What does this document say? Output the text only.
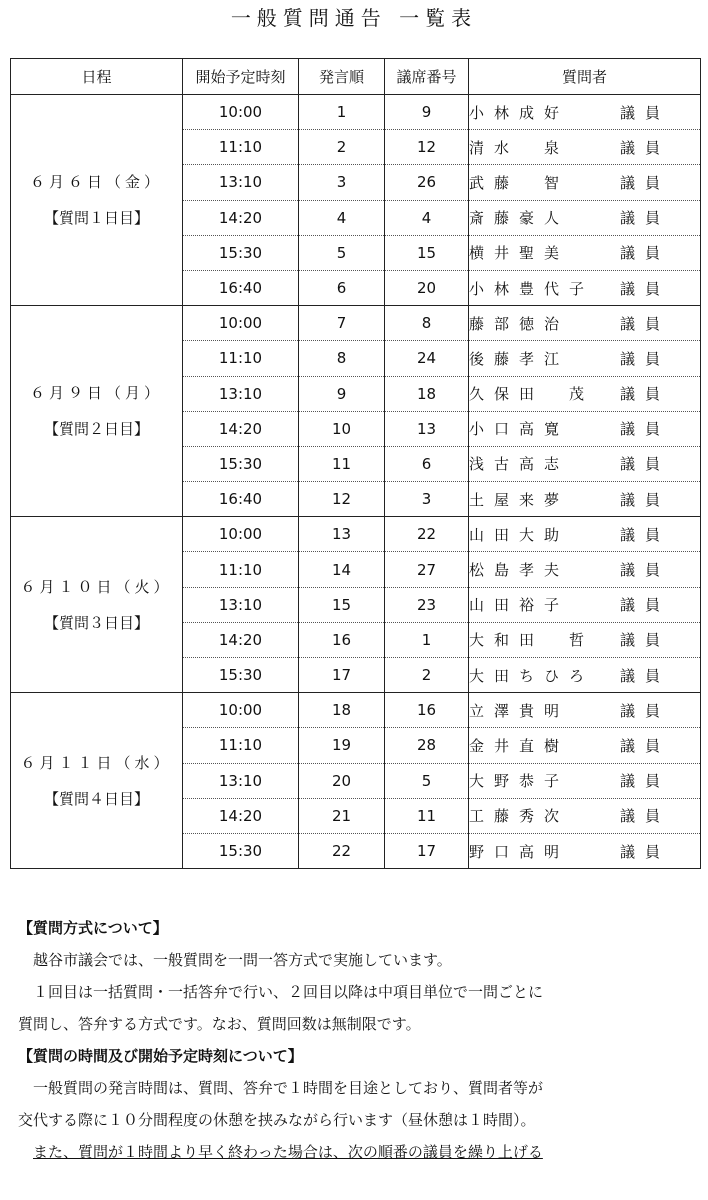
一般質問通告 一覧表
日程	開始予定時刻	発言順	議席番号	質問者

６月６日（金）
【質問１日目】	10:00	1	9	小林成好 議員

	11:10	2	12	清水　泉 議員

	13:10	3	26	武藤　智 議員

	14:20	4	4	斎藤豪人 議員

	15:30	5	15	横井聖美 議員

	16:40	6	20	小林豊代子 議員

６月９日（月）
【質問２日目】	10:00	7	8	藤部徳治 議員

	11:10	8	24	後藤孝江 議員

	13:10	9	18	久保田　茂 議員

	14:20	10	13	小口高寛 議員

	15:30	11	6	浅古高志 議員

	16:40	12	3	土屋来夢 議員

６月１０日（火）
【質問３日目】	10:00	13	22	山田大助 議員

	11:10	14	27	松島孝夫 議員

	13:10	15	23	山田裕子 議員

	14:20	16	1	大和田　哲 議員

	15:30	17	2	大田ちひろ 議員

６月１１日（水）
【質問４日目】	10:00	18	16	立澤貴明 議員

	11:10	19	28	金井直樹 議員

	13:10	20	5	大野恭子 議員

	14:20	21	11	工藤秀次 議員

	15:30	22	17	野口高明 議員
【質問方式について】
越谷市議会では、一般質問を一問一答方式で実施しています。
１回目は一括質問・一括答弁で行い、２回目以降は中項目単位で一問ごとに
質問し、答弁する方式です。なお、質問回数は無制限です。
【質問の時間及び開始予定時刻について】
一般質問の発言時間は、質問、答弁で１時間を目途としており、質問者等が
交代する際に１０分間程度の休憩を挟みながら行います（昼休憩は１時間）。
また、質問が１時間より早く終わった場合は、次の順番の議員を繰り上げる
